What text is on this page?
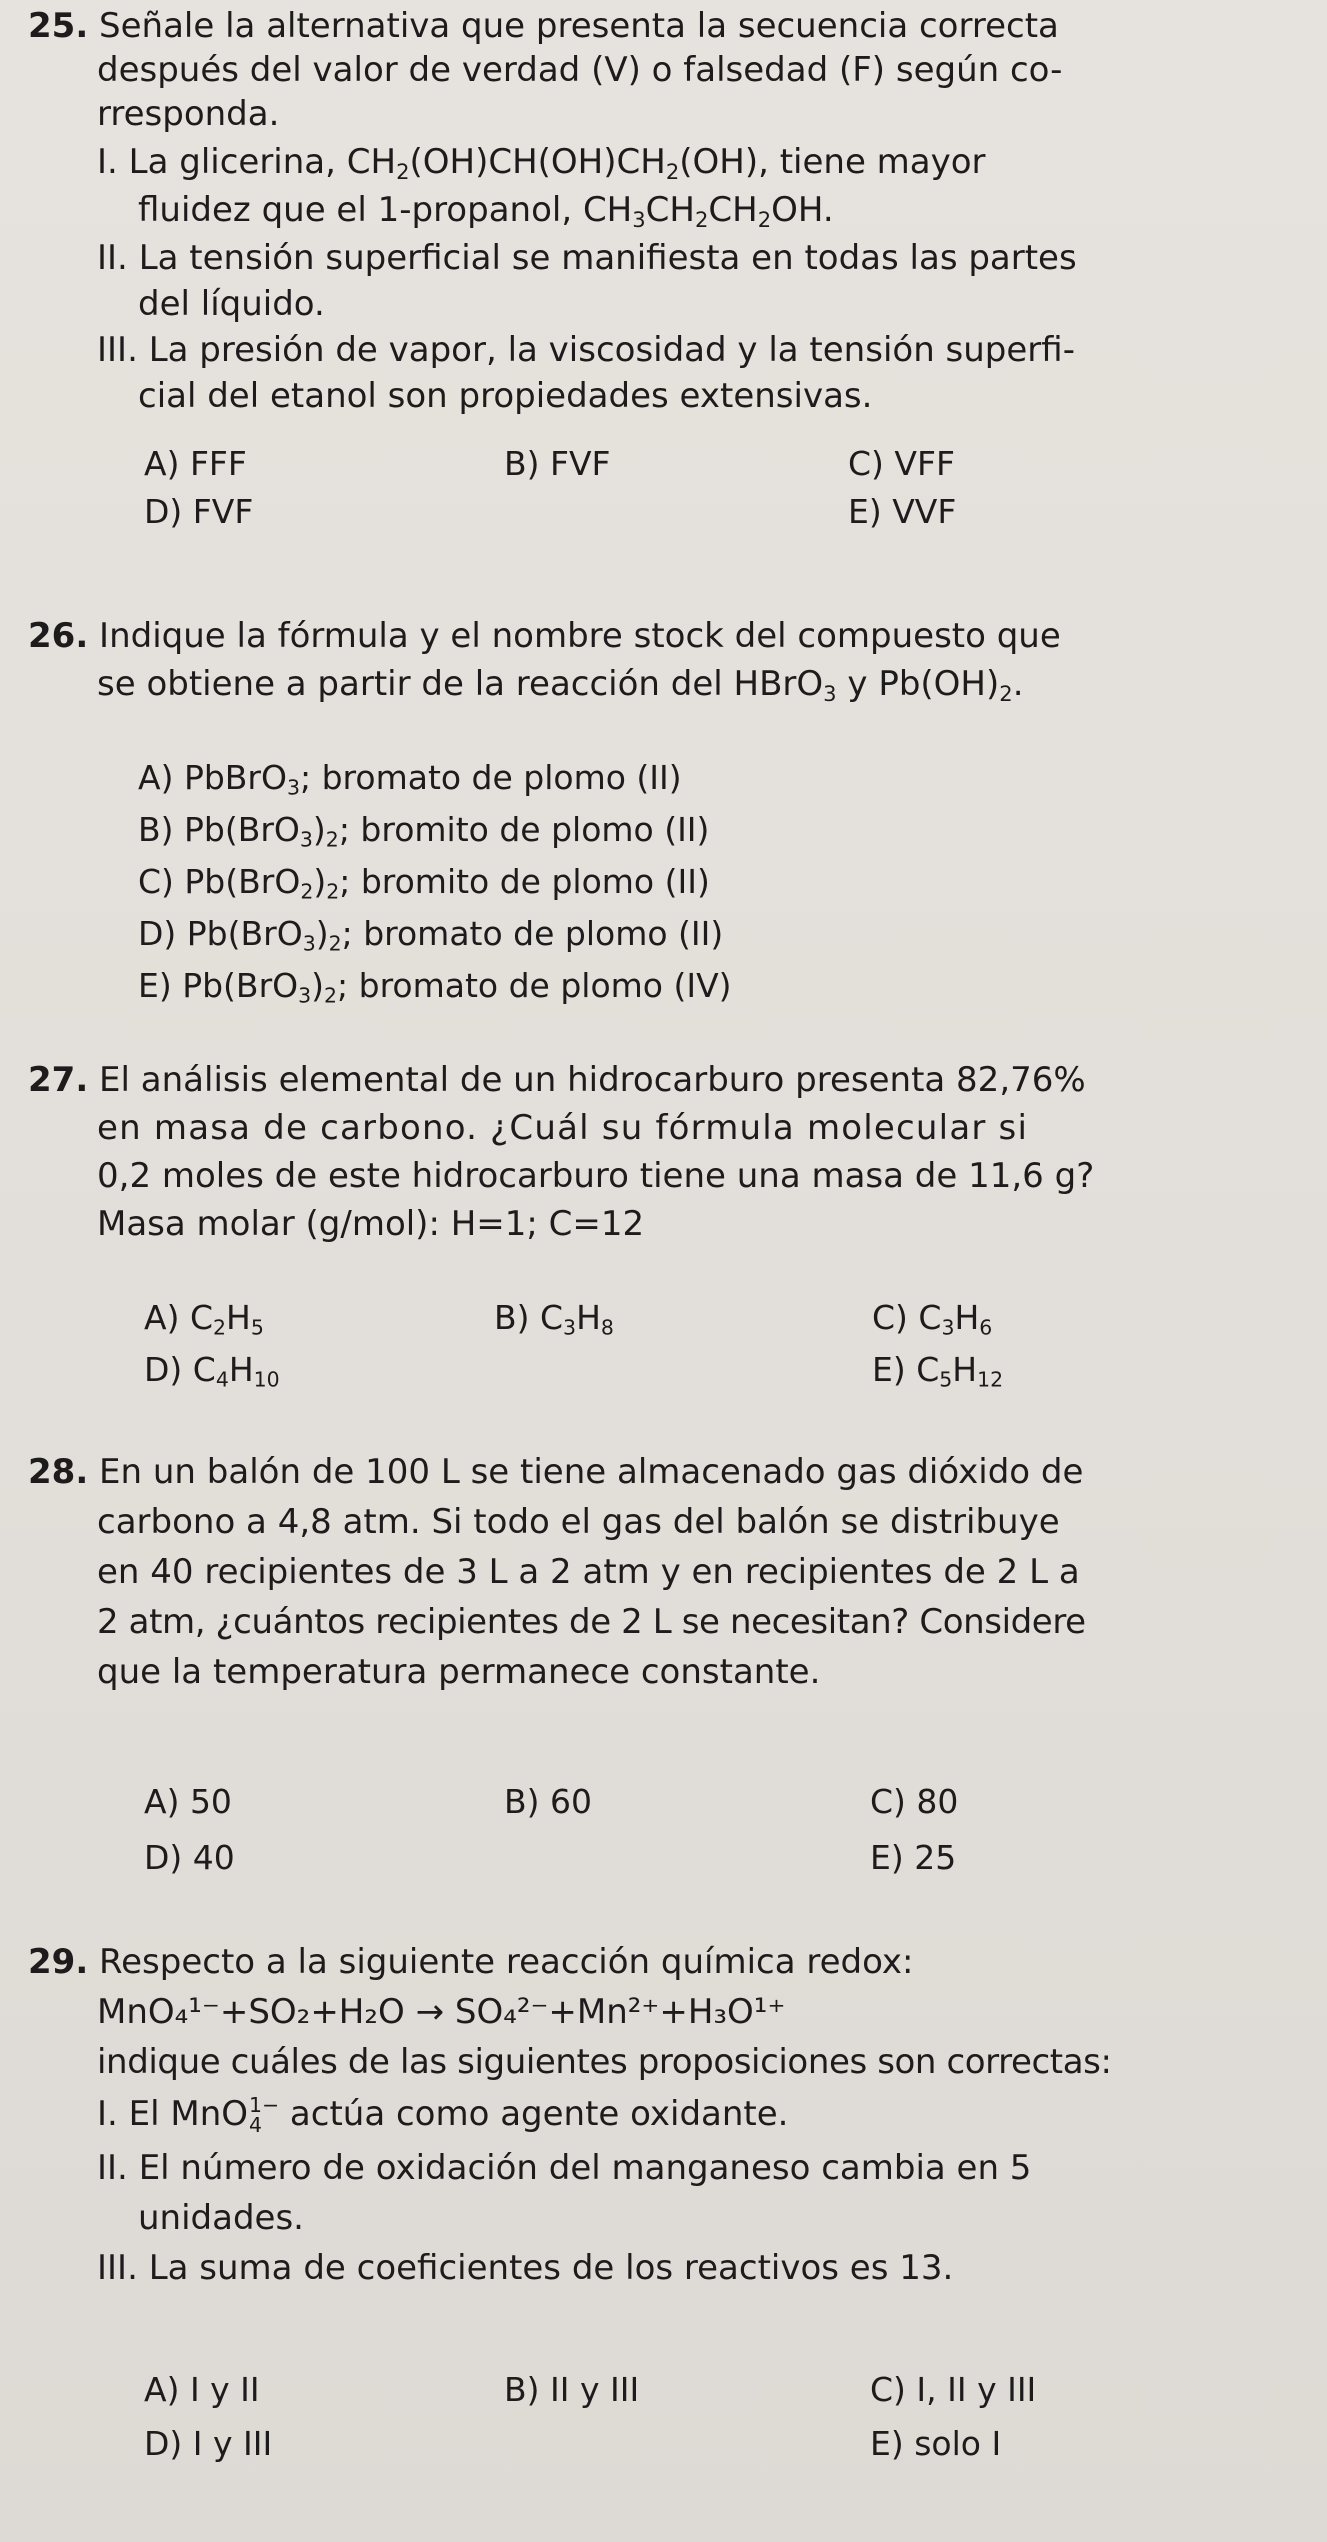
25. Señale la alternativa que presenta la secuencia correcta
después del valor de verdad (V) o falsedad (F) según co-
rresponda.
I. La glicerina, $CH_2(OH)CH(OH)CH_2(OH)$, tiene mayor
fluidez que el 1-propanol, $CH_3CH_2CH_2OH$.
II. La tensión superficial se manifiesta en todas las partes
del líquido.
III. La presión de vapor, la viscosidad y la tensión superfi-
cial del etanol son propiedades extensivas.
A) FFF	B) FVF	C) VFF
D) FVF	E) VVF
26. Indique la fórmula y el nombre stock del compuesto que
se obtiene a partir de la reacción del HBrO$_3$ y $Pb(OH)_2$.
A) PbBrO$_3$; bromato de plomo (II)
B) $Pb(BrO_3)_2$; bromito de plomo (II)
C) $Pb(BrO_2)_2$; bromito de plomo (II)
D) $Pb(BrO_3)_2$; bromato de plomo (II)
E) $Pb(BrO_3)_2$; bromato de plomo (IV)
27. El análisis elemental de un hidrocarburo presenta 82,76%
en masa de carbono. ¿Cuál su fórmula molecular si
0,2 moles de este hidrocarburo tiene una masa de 11,6 g?
Masa molar (g/mol): H=1; C=12
A) $C_2H_5$	B) $C_3H_8$	C) $C_3H_6$
D) $C_4H_{10}$	E) $C_5H_{12}$
28. En un balón de 100 L se tiene almacenado gas dióxido de
carbono a 4,8 atm. Si todo el gas del balón se distribuye
en 40 recipientes de 3 L a 2 atm y en recipientes de 2 L a
2 atm, ¿cuántos recipientes de 2 L se necesitan? Considere
que la temperatura permanece constante.
A) 50	B) 60	C) 80
D) 40	E) 25
29. Respecto a la siguiente reacción química redox:
MnO₄¹⁻+SO₂+H₂O → SO₄²⁻+Mn²⁺+H₃O¹⁺
indique cuáles de las siguientes proposiciones son correctas:
I. El MnO 1−
4 actúa como agente oxidante.
II. El número de oxidación del manganeso cambia en 5
unidades.
III. La suma de coeficientes de los reactivos es 13.
A) I y II	B) II y III	C) I, II y III
D) I y III	E) solo I
